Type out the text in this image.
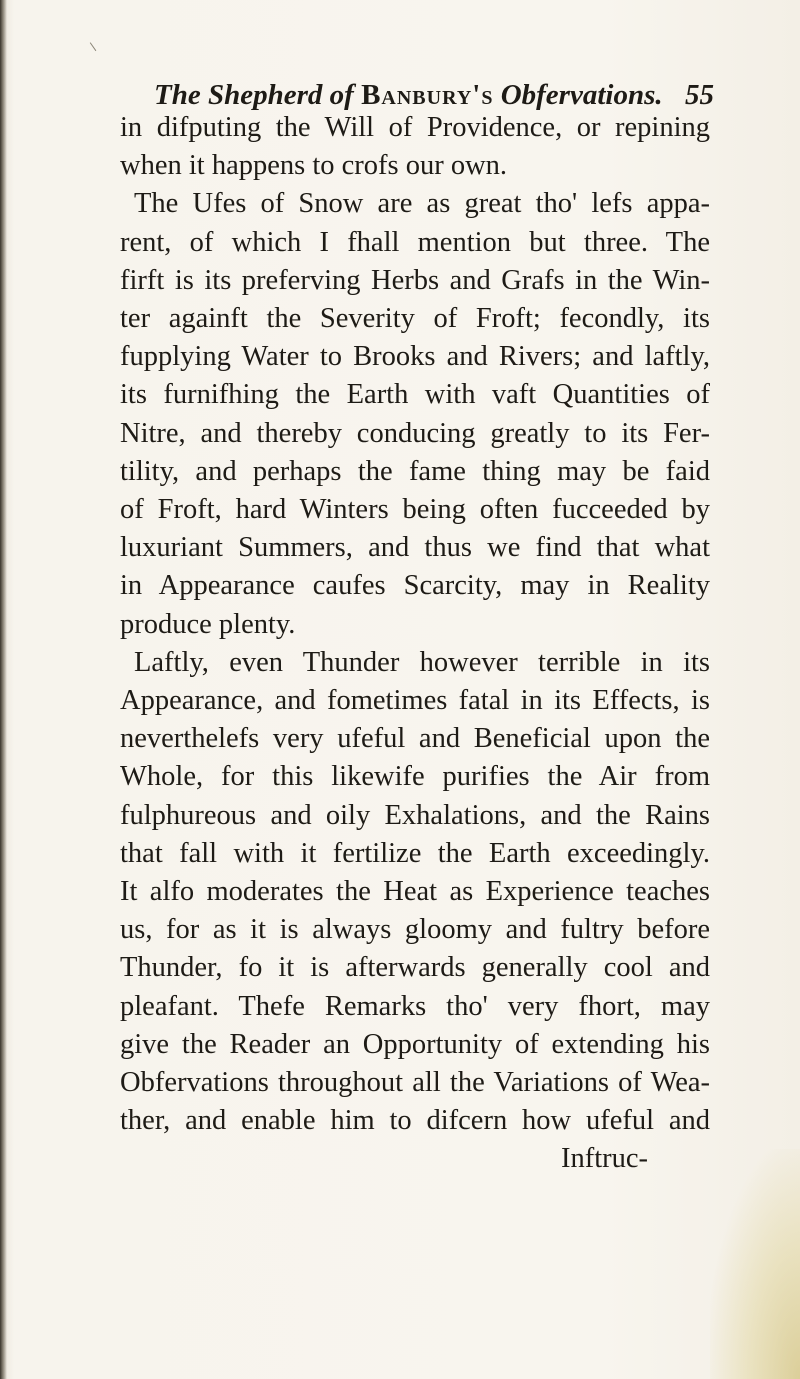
The Shepherd of Banbury's Obfervations. 55
in difputing the Will of Providence, or repining
when it happens to crofs our own.
The Ufes of Snow are as great tho' lefs appa-
rent, of which I fhall mention but three. The
firft is its preferving Herbs and Grafs in the Win-
ter againft the Severity of Froft; fecondly, its
fupplying Water to Brooks and Rivers; and laftly,
its furnifhing the Earth with vaft Quantities of
Nitre, and thereby conducing greatly to its Fer-
tility, and perhaps the fame thing may be faid
of Froft, hard Winters being often fucceeded by
luxuriant Summers, and thus we find that what
in Appearance caufes Scarcity, may in Reality
produce plenty.
Laftly, even Thunder however terrible in its
Appearance, and fometimes fatal in its Effects, is
neverthelefs very ufeful and Beneficial upon the
Whole, for this likewife purifies the Air from
fulphureous and oily Exhalations, and the Rains
that fall with it fertilize the Earth exceedingly.
It alfo moderates the Heat as Experience teaches
us, for as it is always gloomy and fultry before
Thunder, fo it is afterwards generally cool and
pleafant. Thefe Remarks tho' very fhort, may
give the Reader an Opportunity of extending his
Obfervations throughout all the Variations of Wea-
ther, and enable him to difcern how ufeful and
Inftruc-
